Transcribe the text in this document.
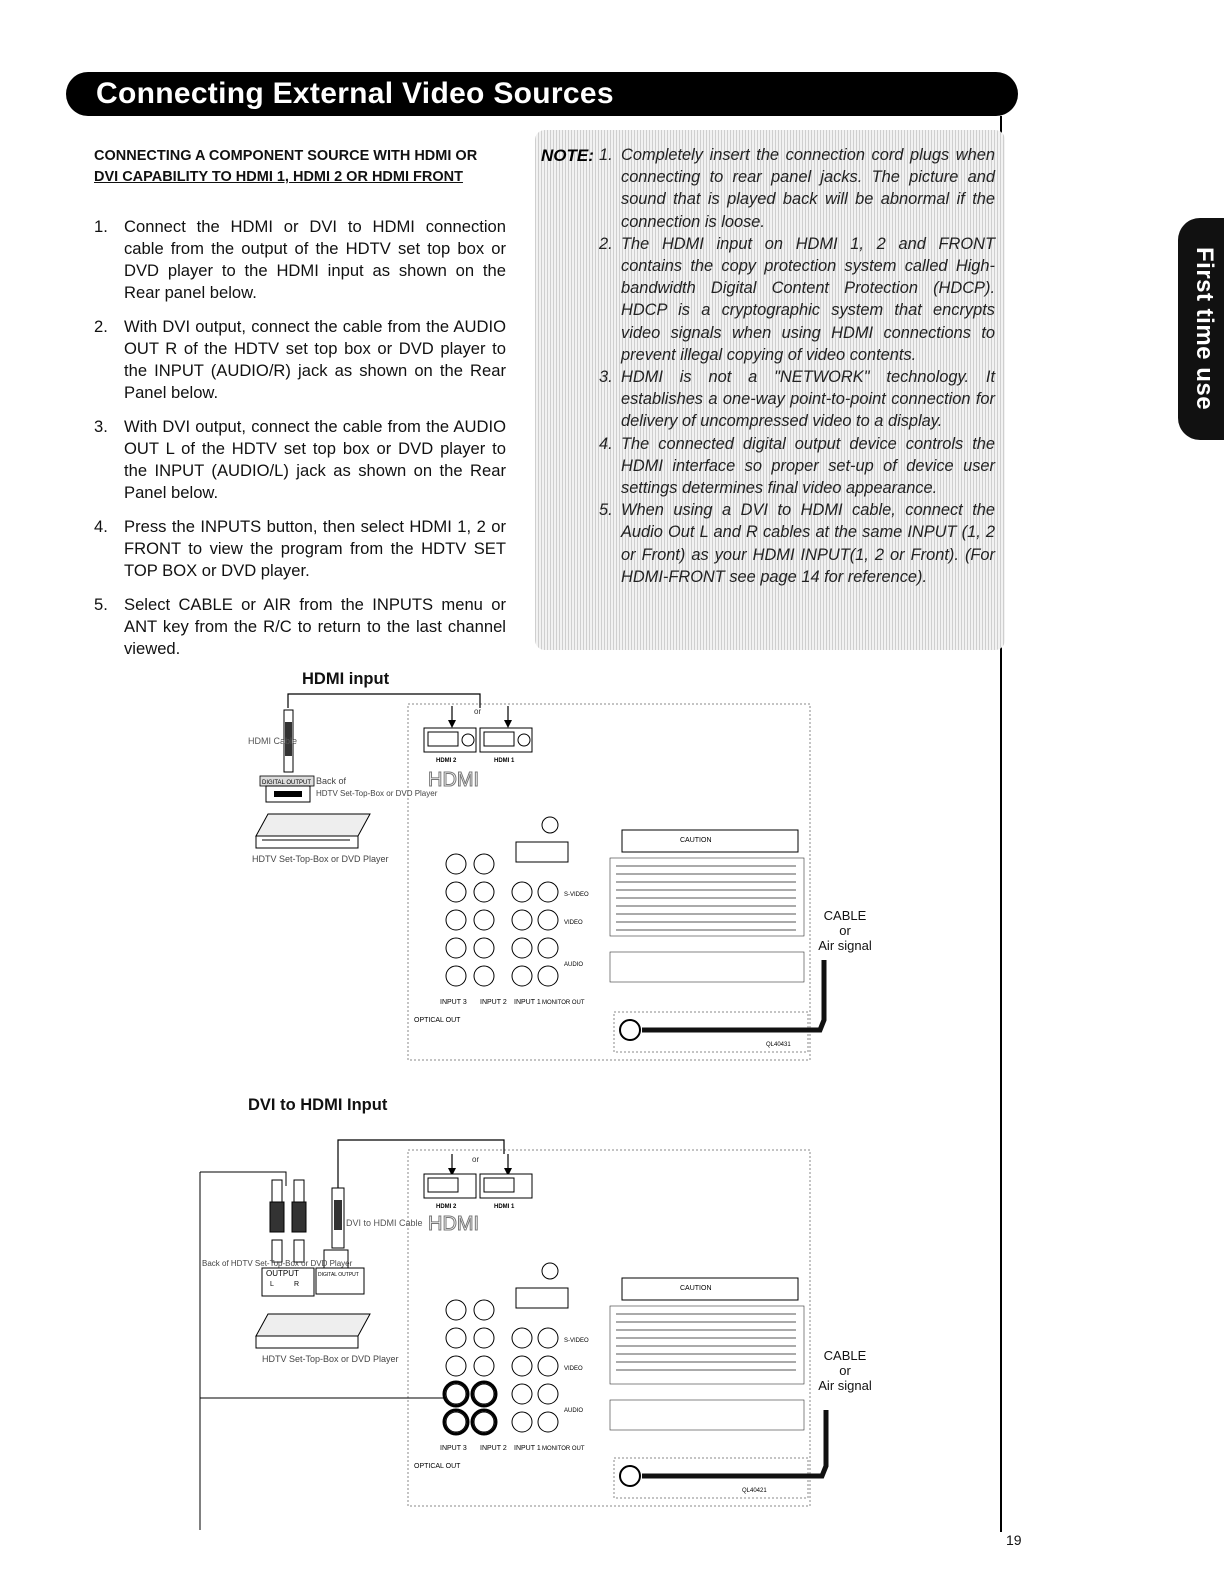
Connecting External Video Sources
First time use
CONNECTING A COMPONENT SOURCE WITH HDMI OR
DVI CAPABILITY TO HDMI 1, HDMI 2 OR HDMI FRONT
1. Connect the HDMI or DVI to HDMI connection cable from the output of the HDTV set top box or DVD player to the HDMI input as shown on the Rear panel below.
2. With DVI output, connect the cable from the AUDIO OUT R of the HDTV set top box or DVD player to the INPUT (AUDIO/R) jack as shown on the Rear Panel below.
3. With DVI output, connect the cable from the AUDIO OUT L of the HDTV set top box or DVD player to the INPUT (AUDIO/L) jack as shown on the Rear Panel below.
4. Press the INPUTS button, then select HDMI 1, 2 or FRONT to view the program from the HDTV SET TOP BOX or DVD player.
5. Select CABLE or AIR from the INPUTS menu or ANT key from the R/C to return to the last channel viewed.
NOTE: 1. Completely insert the connection cord plugs when connecting to rear panel jacks. The picture and sound that is played back will be abnormal if the connection is loose.
2. The HDMI input on HDMI 1, 2 and FRONT contains the copy protection system called High-bandwidth Digital Content Protection (HDCP). HDCP is a cryptographic system that encrypts video signals when using HDMI connections to prevent illegal copying of video contents.
3. HDMI is not a "NETWORK" technology. It establishes a one-way point-to-point connection for delivery of uncompressed video to a display.
4. The connected digital output device controls the HDMI interface so proper set-up of device user settings determines final video appearance.
5. When using a DVI to HDMI cable, connect the Audio Out L and R cables at the same INPUT (1, 2 or Front) as your HDMI INPUT(1, 2 or Front). (For HDMI-FRONT see page 14 for reference).
HDMI input
or
HDMI Cable
DIGITAL OUTPUT Back of
HDTV Set-Top-Box or DVD Player
HDTV Set-Top-Box or DVD Player
HDMI 2	HDMI 1
HDMI
CAUTION
S-VIDEO
VIDEO
AUDIO
INPUT 3 INPUT 2 INPUT 1 MONITOR OUT
OPTICAL OUT
QL40431
CABLE
or
Air signal
DVI to HDMI Input
or
DVI to HDMI Cable
Back of HDTV Set-Top-Box or DVD Player
OUTPUT
L	R
DIGITAL OUTPUT
HDTV Set-Top-Box or DVD Player
HDMI 2	HDMI 1
HDMI
CAUTION
S-VIDEO
VIDEO
AUDIO
INPUT 3 INPUT 2 INPUT 1 MONITOR OUT
OPTICAL OUT
QL40421
CABLE
or
Air signal
19
